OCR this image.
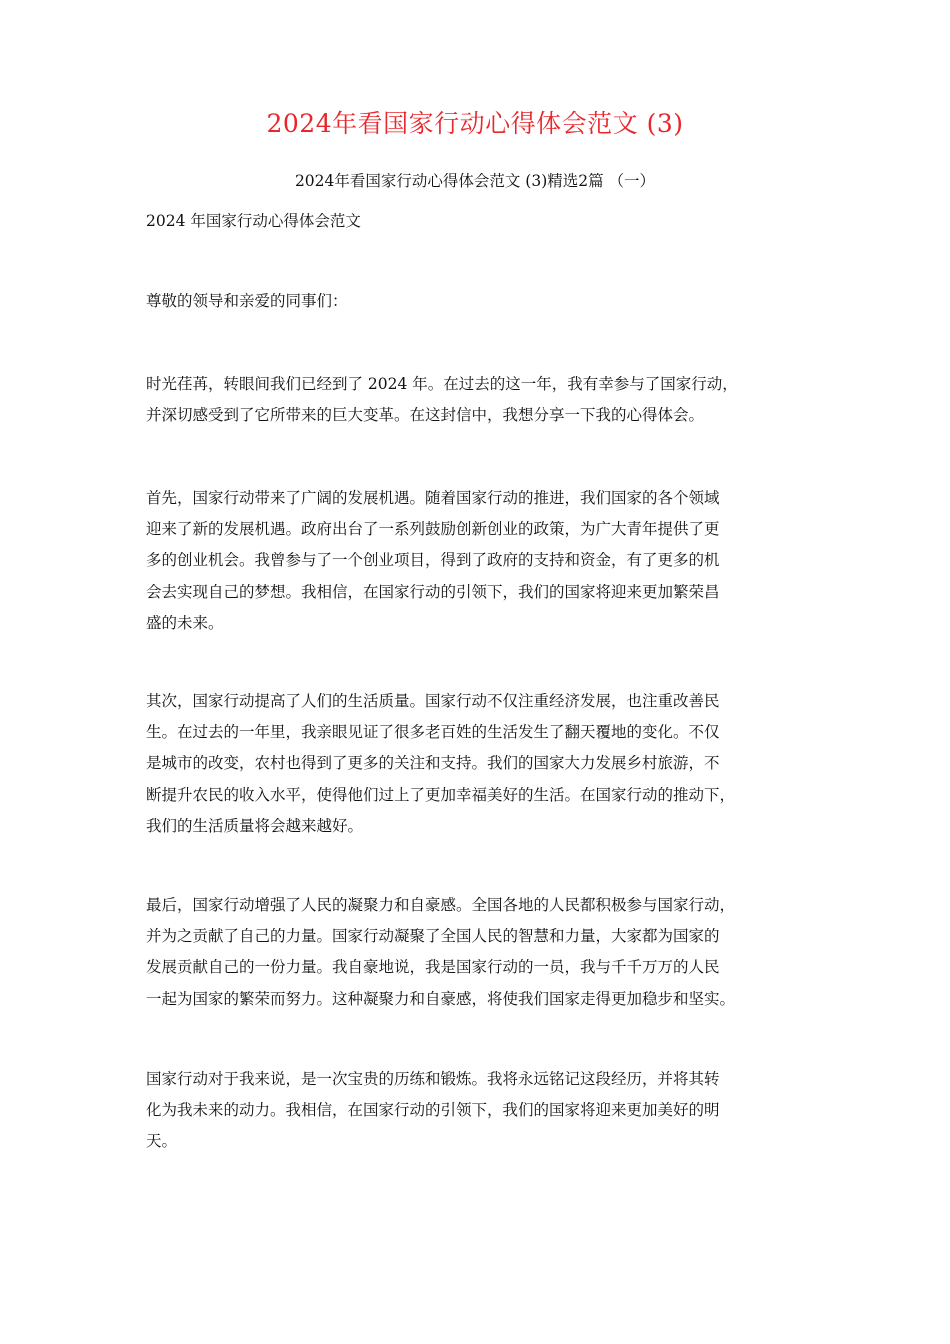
2024年看国家行动心得体会范文 (3)
2024年看国家行动心得体会范文 (3)精选2篇 （一）
2024 年国家行动心得体会范文
尊敬的领导和亲爱的同事们：
时光荏苒，转眼间我们已经到了 2024 年。在过去的这一年，我有幸参与了国家行动，
并深切感受到了它所带来的巨大变革。在这封信中，我想分享一下我的心得体会。
首先，国家行动带来了广阔的发展机遇。随着国家行动的推进，我们国家的各个领域
迎来了新的发展机遇。政府出台了一系列鼓励创新创业的政策，为广大青年提供了更
多的创业机会。我曾参与了一个创业项目，得到了政府的支持和资金，有了更多的机
会去实现自己的梦想。我相信，在国家行动的引领下，我们的国家将迎来更加繁荣昌
盛的未来。
其次，国家行动提高了人们的生活质量。国家行动不仅注重经济发展，也注重改善民
生。在过去的一年里，我亲眼见证了很多老百姓的生活发生了翻天覆地的变化。不仅
是城市的改变，农村也得到了更多的关注和支持。我们的国家大力发展乡村旅游，不
断提升农民的收入水平，使得他们过上了更加幸福美好的生活。在国家行动的推动下，
我们的生活质量将会越来越好。
最后，国家行动增强了人民的凝聚力和自豪感。全国各地的人民都积极参与国家行动，
并为之贡献了自己的力量。国家行动凝聚了全国人民的智慧和力量，大家都为国家的
发展贡献自己的一份力量。我自豪地说，我是国家行动的一员，我与千千万万的人民
一起为国家的繁荣而努力。这种凝聚力和自豪感，将使我们国家走得更加稳步和坚实。
国家行动对于我来说，是一次宝贵的历练和锻炼。我将永远铭记这段经历，并将其转
化为我未来的动力。我相信，在国家行动的引领下，我们的国家将迎来更加美好的明
天。
